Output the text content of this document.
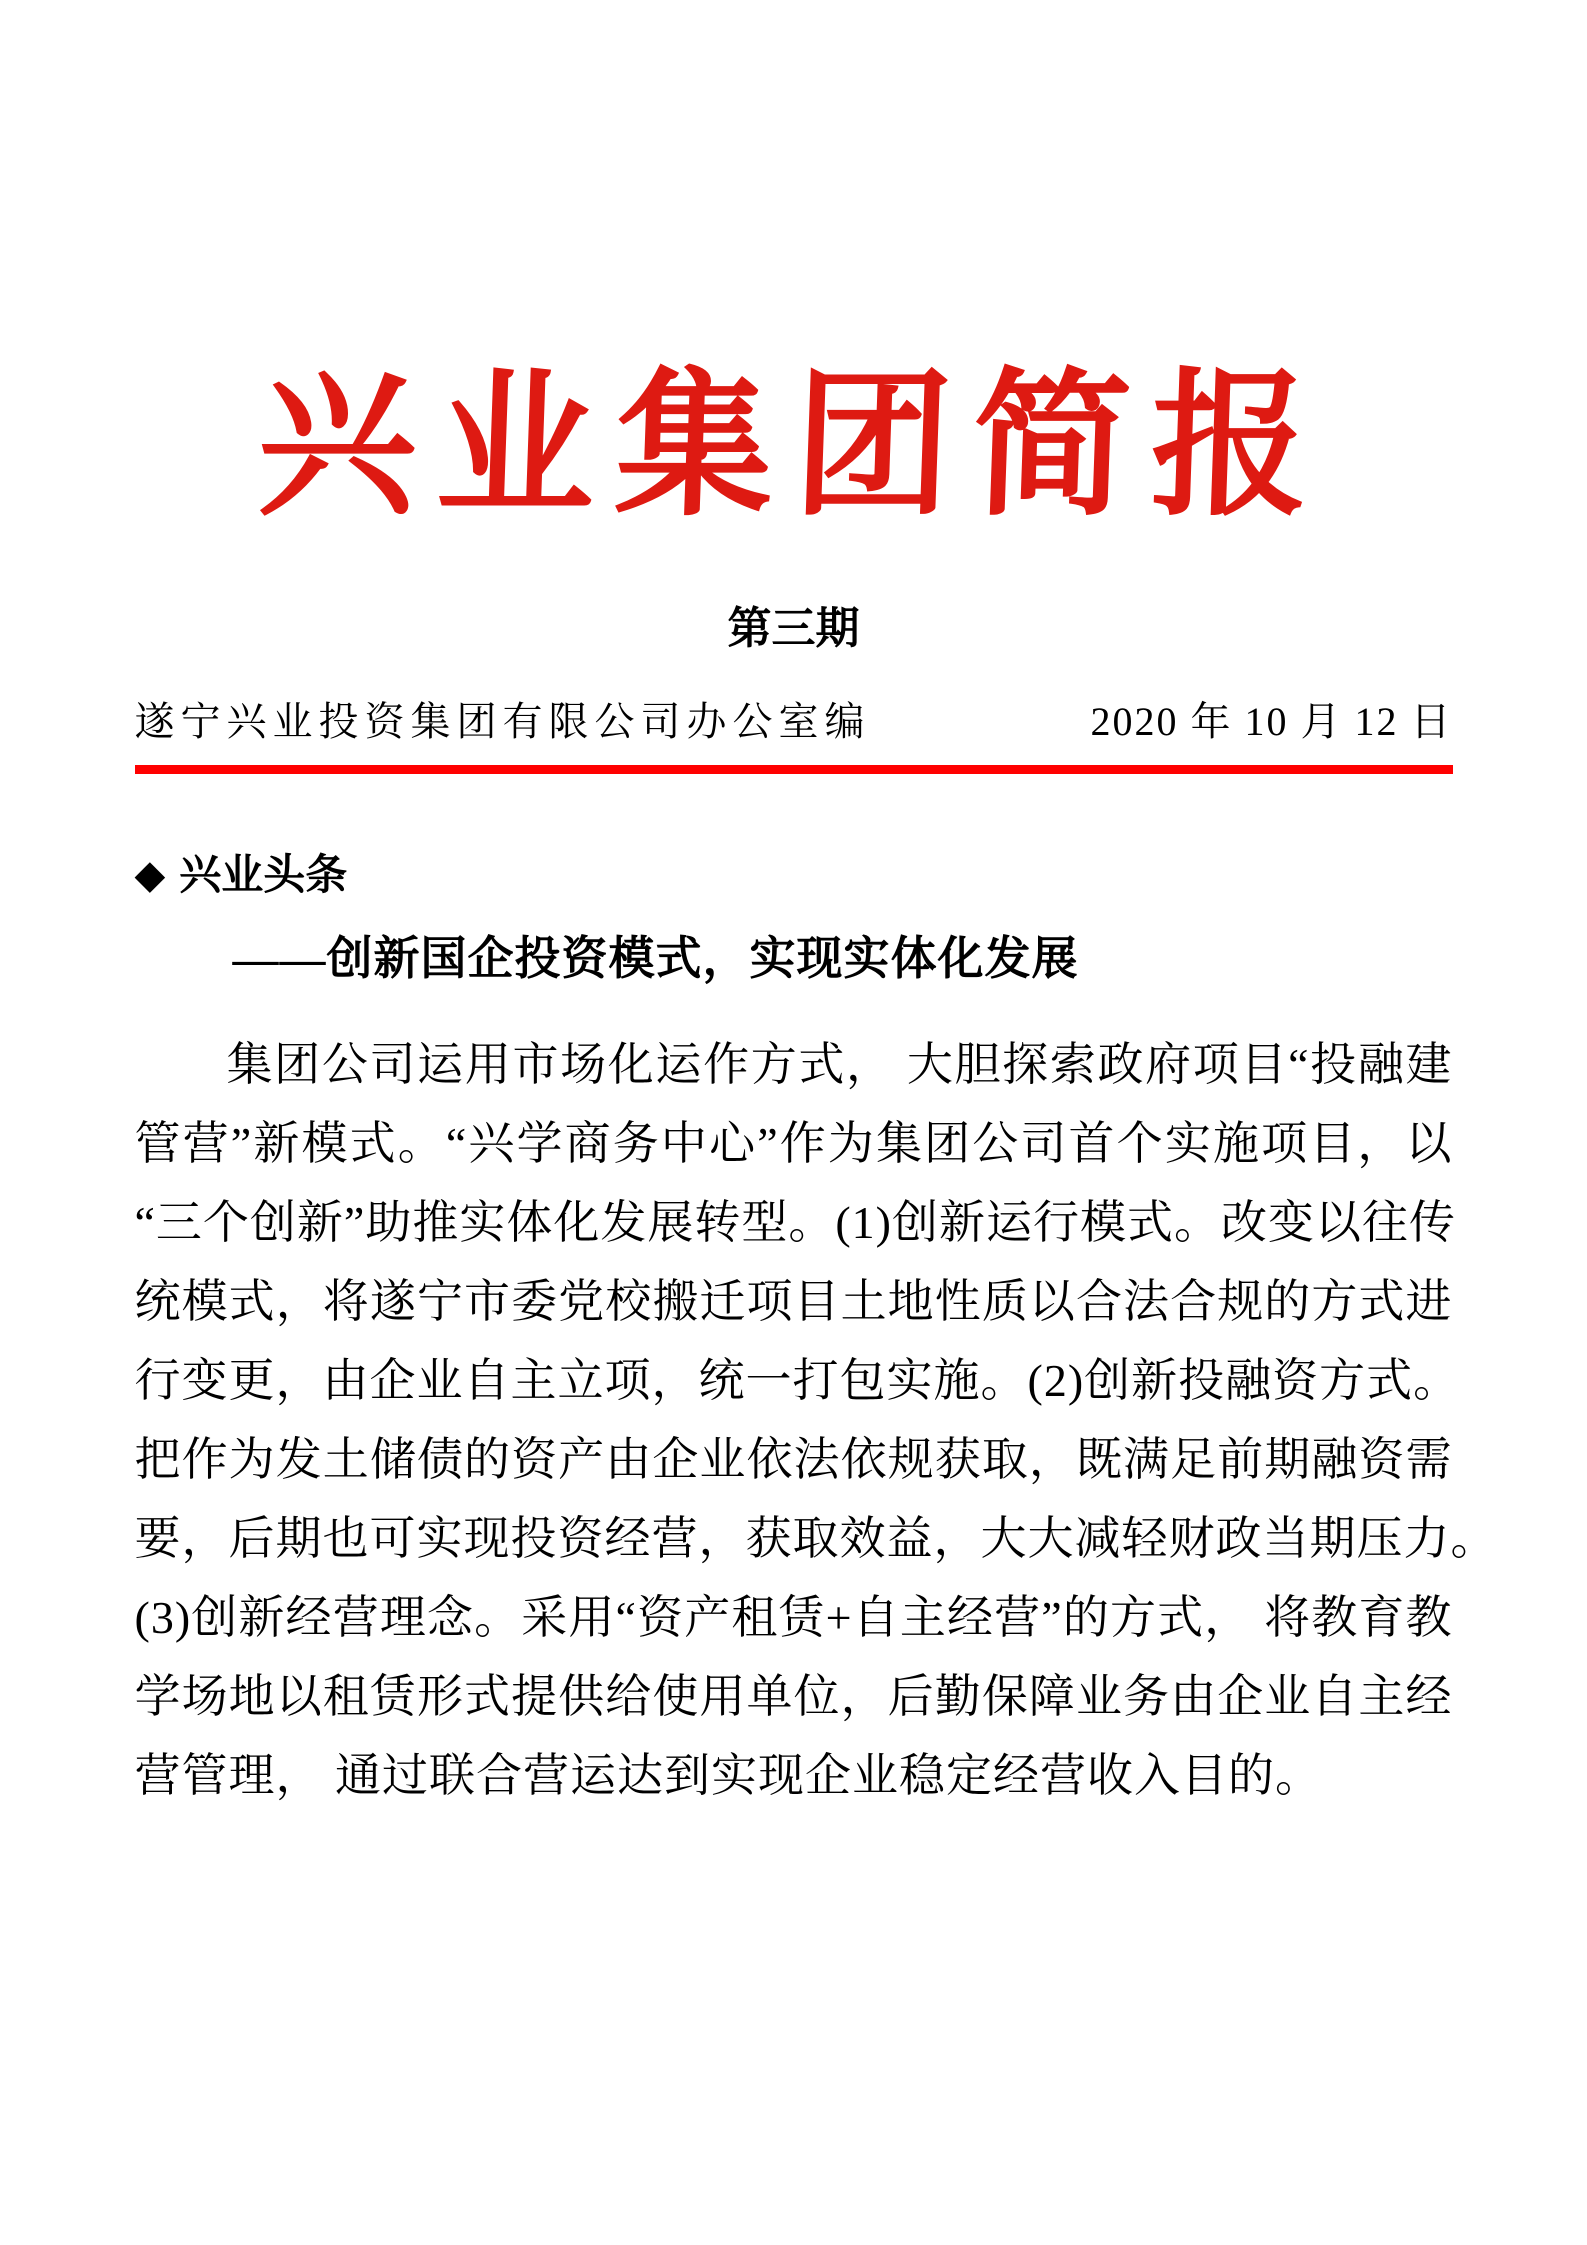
兴业集团简报
第三期
遂宁兴业投资集团有限公司办公室编	2020 年 10 月 12 日
◆ 兴业头条
——创新国企投资模式，实现实体化发展
集团公司运用市场化运作方式， 大胆探索政府项目“投融建
管营”新模式。“兴学商务中心”作为集团公司首个实施项目，以
“三个创新”助推实体化发展转型。(1)创新运行模式。改变以往传
统模式，将遂宁市委党校搬迁项目土地性质以合法合规的方式进
行变更，由企业自主立项，统一打包实施。(2)创新投融资方式。
把作为发土储债的资产由企业依法依规获取，既满足前期融资需
要，后期也可实现投资经营，获取效益，大大减轻财政当期压力。
(3)创新经营理念。采用“资产租赁+自主经营”的方式， 将教育教
学场地以租赁形式提供给使用单位，后勤保障业务由企业自主经
营管理， 通过联合营运达到实现企业稳定经营收入目的。
